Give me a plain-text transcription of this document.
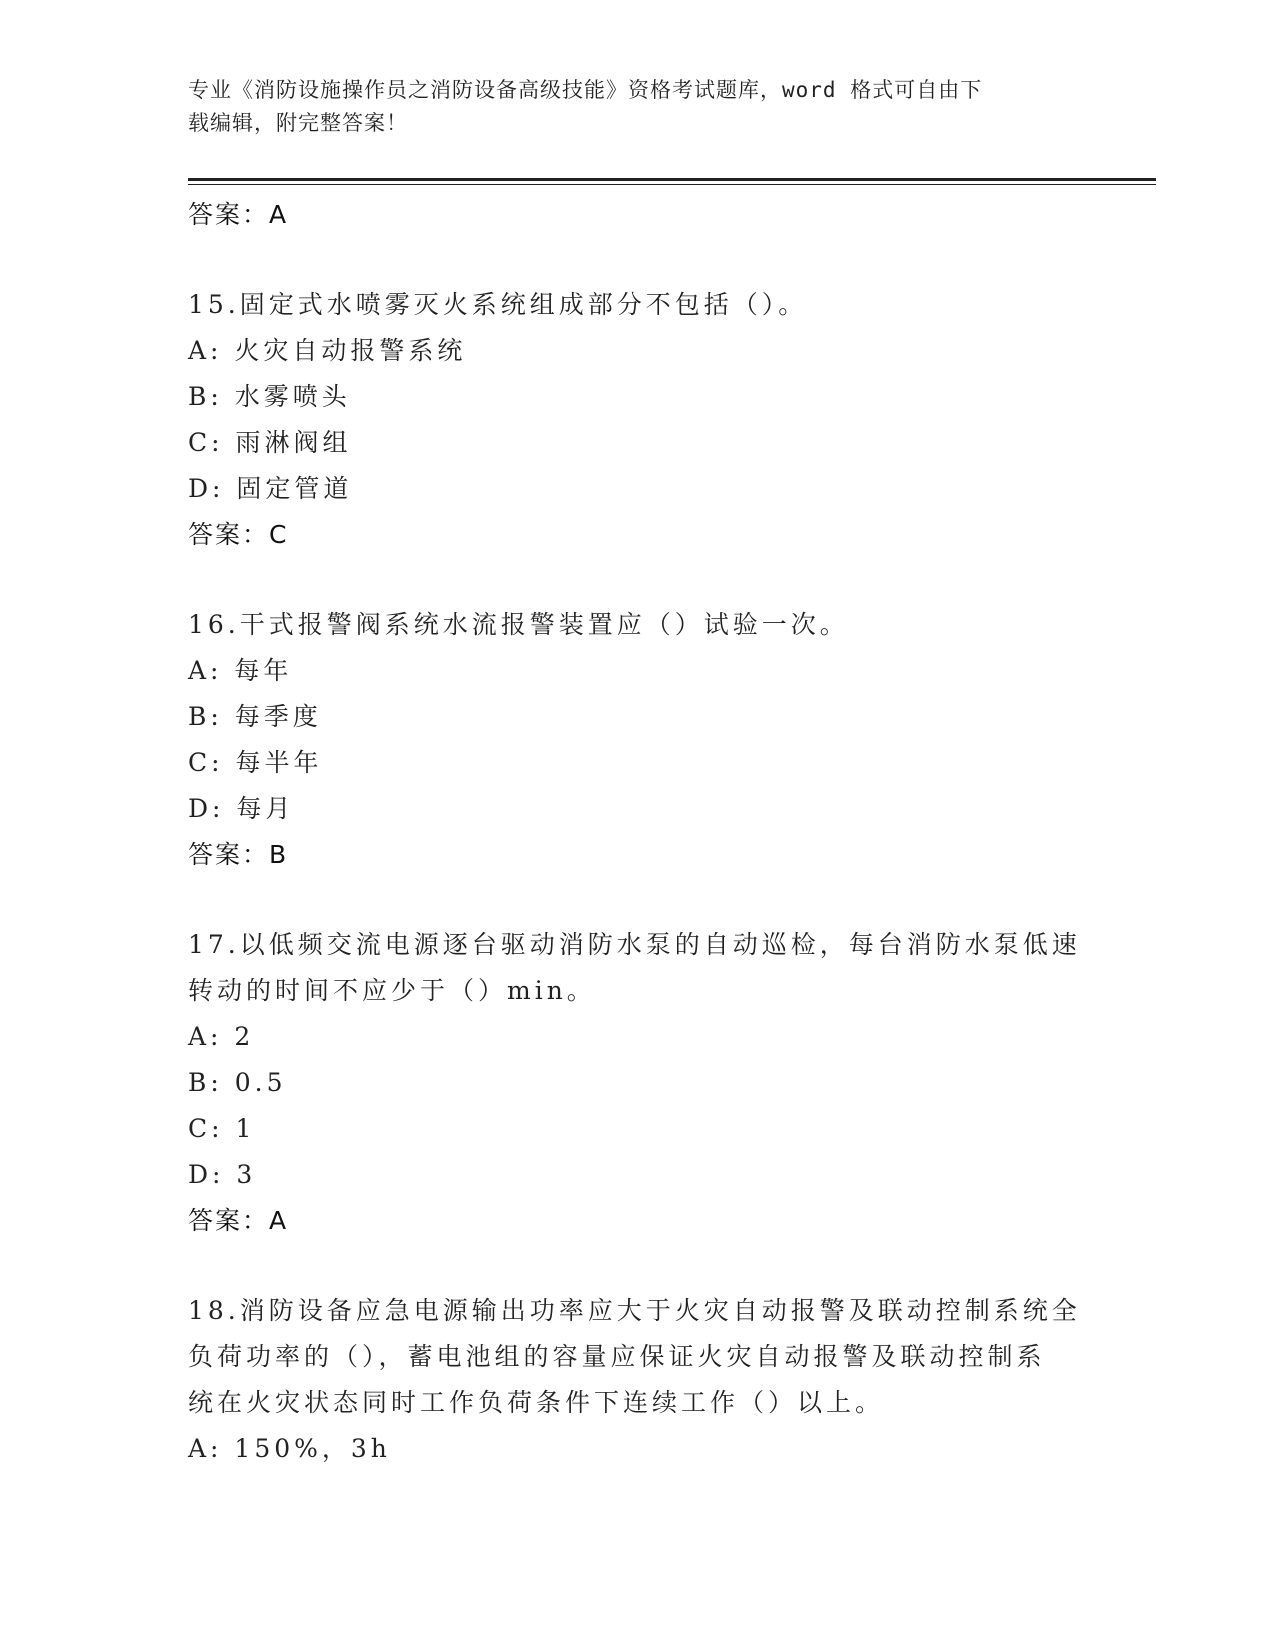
专业《消防设施操作员之消防设备高级技能》资格考试题库，word 格式可自由下
载编辑，附完整答案！
答案：A
15.固定式水喷雾灭火系统组成部分不包括（）。
A: 火灾自动报警系统
B: 水雾喷头
C: 雨淋阀组
D: 固定管道
答案：C
16.干式报警阀系统水流报警装置应（）试验一次。
A: 每年
B: 每季度
C: 每半年
D: 每月
答案：B
17.以低频交流电源逐台驱动消防水泵的自动巡检，每台消防水泵低速
转动的时间不应少于（）min。
A: 2
B: 0.5
C: 1
D: 3
答案：A
18.消防设备应急电源输出功率应大于火灾自动报警及联动控制系统全
负荷功率的（），蓄电池组的容量应保证火灾自动报警及联动控制系
统在火灾状态同时工作负荷条件下连续工作（）以上。
A: 150%，3h
